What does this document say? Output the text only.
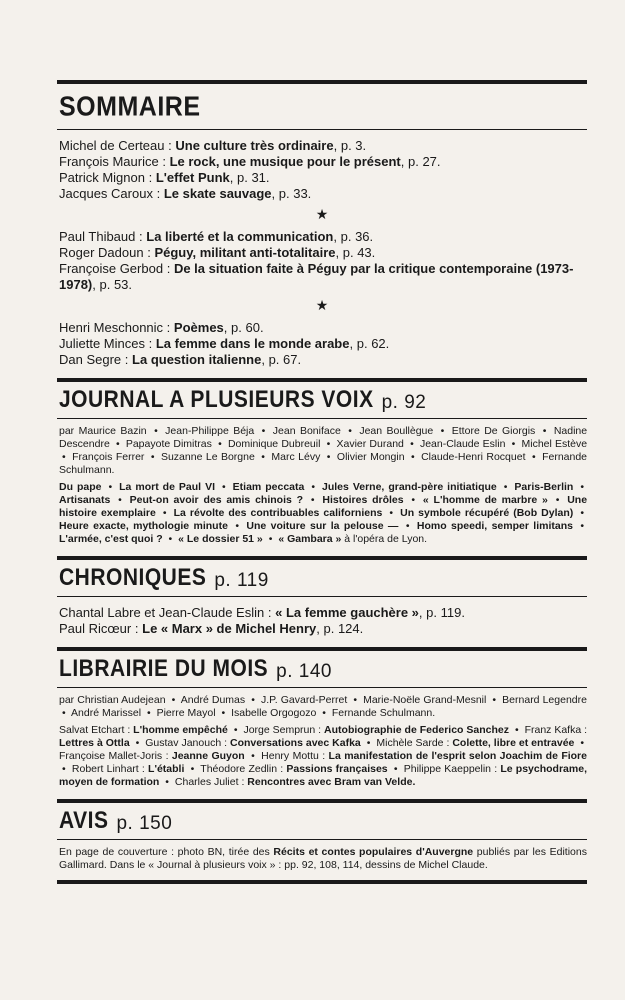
SOMMAIRE
Michel de Certeau : Une culture très ordinaire, p. 3.
François Maurice : Le rock, une musique pour le présent, p. 27.
Patrick Mignon : L'effet Punk, p. 31.
Jacques Caroux : Le skate sauvage, p. 33.
★
Paul Thibaud : La liberté et la communication, p. 36.
Roger Dadoun : Péguy, militant anti-totalitaire, p. 43.
Françoise Gerbod : De la situation faite à Péguy par la critique contemporaine (1973-1978), p. 53.
★
Henri Meschonnic : Poèmes, p. 60.
Juliette Minces : La femme dans le monde arabe, p. 62.
Dan Segre : La question italienne, p. 67.
JOURNAL A PLUSIEURS VOIX p. 92
par Maurice Bazin • Jean-Philippe Béja • Jean Boniface • Jean Boullègue • Ettore De Giorgis • Nadine Descendre • Papayote Dimitras • Dominique Dubreuil • Xavier Durand • Jean-Claude Eslin • Michel Estève • François Ferrer • Suzanne Le Borgne • Marc Lévy • Olivier Mongin • Claude-Henri Rocquet • Fernande Schulmann.
Du pape • La mort de Paul VI • Etiam peccata • Jules Verne, grand-père initiatique • Paris-Berlin • Artisanats • Peut-on avoir des amis chinois ? • Histoires drôles • « L'homme de marbre » • Une histoire exemplaire • La révolte des contribuables californiens • Un symbole récupéré (Bob Dylan) • Heure exacte, mythologie minute • Une voiture sur la pelouse — • Homo speedi, semper limitans • L'armée, c'est quoi ? • « Le dossier 51 » • « Gambara » à l'opéra de Lyon.
CHRONIQUES p. 119
Chantal Labre et Jean-Claude Eslin : « La femme gauchère », p. 119.
Paul Ricœur : Le « Marx » de Michel Henry, p. 124.
LIBRAIRIE DU MOIS p. 140
par Christian Audejean • André Dumas • J.P. Gavard-Perret • Marie-Noële Grand-Mesnil • Bernard Legendre • André Marissel • Pierre Mayol • Isabelle Orgogozo • Fernande Schulmann.
Salvat Etchart : L'homme empêché • Jorge Semprun : Autobiographie de Federico Sanchez • Franz Kafka : Lettres à Ottla • Gustav Janouch : Conversations avec Kafka • Michèle Sarde : Colette, libre et entravée • Françoise Mallet-Joris : Jeanne Guyon • Henry Mottu : La manifestation de l'esprit selon Joachim de Fiore • Robert Linhart : L'établi • Théodore Zedlin : Passions françaises • Philippe Kaeppelin : Le psychodrame, moyen de formation • Charles Juliet : Rencontres avec Bram van Velde.
AVIS p. 150
En page de couverture : photo BN, tirée des Récits et contes populaires d'Auvergne publiés par les Editions Gallimard. Dans le « Journal à plusieurs voix » : pp. 92, 108, 114, dessins de Michel Claude.
